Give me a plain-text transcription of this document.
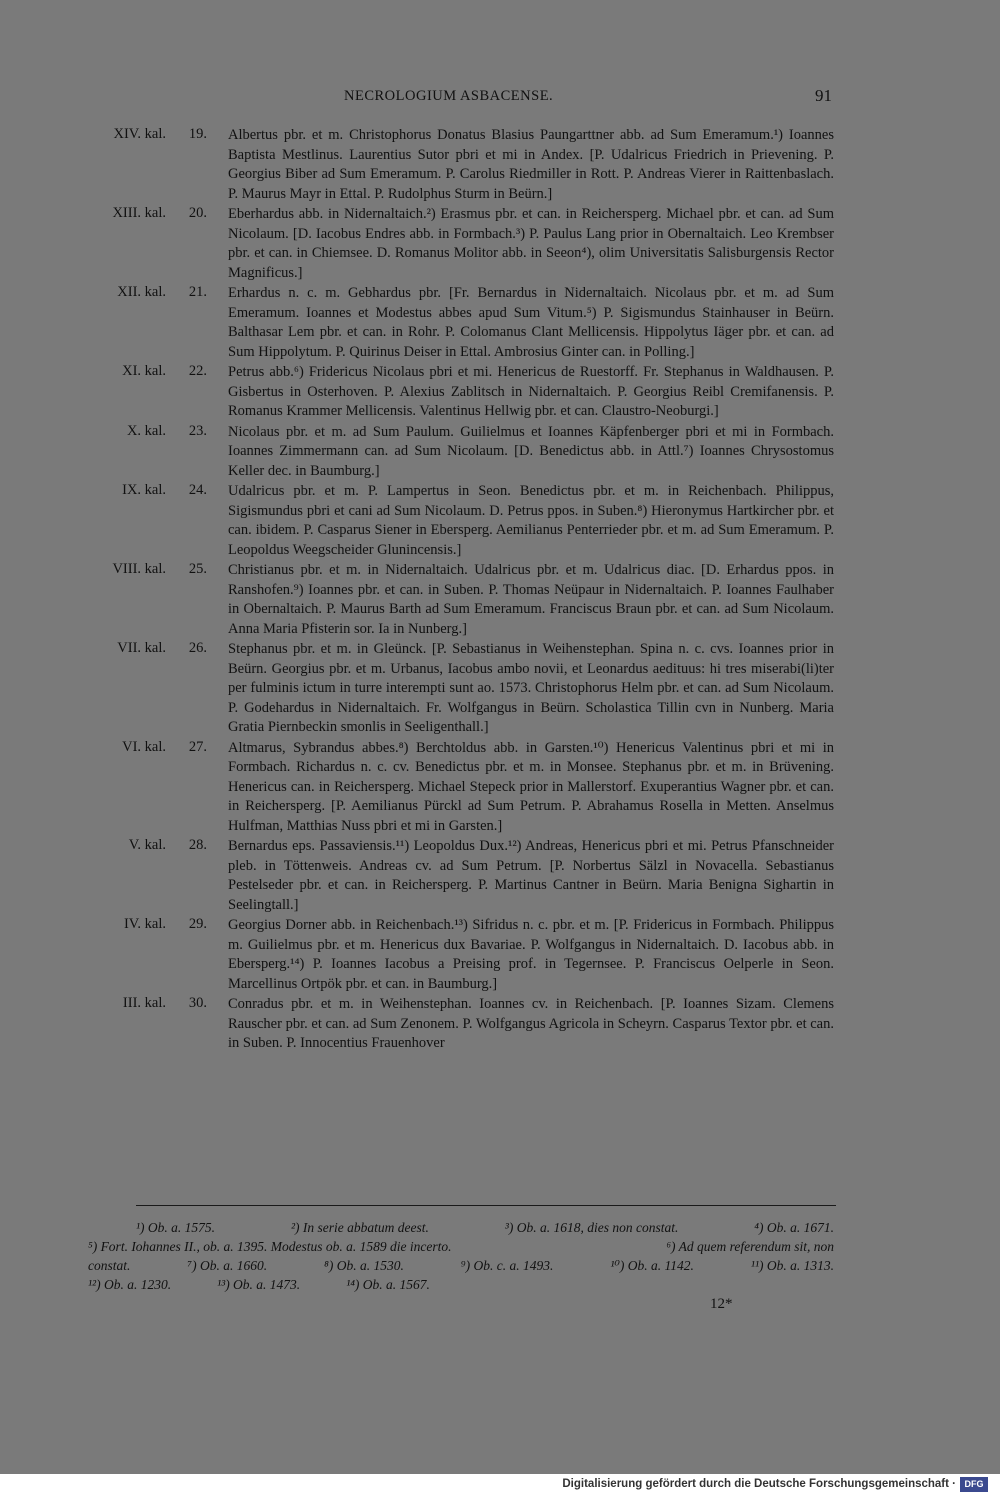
NECROLOGIUM ASBACENSE.	91
XIV. kal.	19. Albertus pbr. et m. Christophorus Donatus Blasius Paungarttner abb. ad Sum Emeramum.¹) Ioannes Baptista Mestlinus. Laurentius Sutor pbri et mi in Andex. [P. Udalricus Friedrich in Prievening. P. Georgius Biber ad Sum Emeramum. P. Carolus Riedmiller in Rott. P. Andreas Vierer in Raittenbaslach. P. Maurus Mayr in Ettal. P. Rudolphus Sturm in Beürn.]
XIII. kal.	20. Eberhardus abb. in Nidernaltaich.²) Erasmus pbr. et can. in Reichersperg. Michael pbr. et can. ad Sum Nicolaum. [D. Iacobus Endres abb. in Formbach.³) P. Paulus Lang prior in Obernaltaich. Leo Krembser pbr. et can. in Chiemsee. D. Romanus Molitor abb. in Seeon⁴), olim Universitatis Salisburgensis Rector Magnificus.]
XII. kal.	21. Erhardus n. c. m. Gebhardus pbr. [Fr. Bernardus in Nidernaltaich. Nicolaus pbr. et m. ad Sum Emeramum. Ioannes et Modestus abbes apud Sum Vitum.⁵) P. Sigismundus Stainhauser in Beürn. Balthasar Lem pbr. et can. in Rohr. P. Colomanus Clant Mellicensis. Hippolytus Iäger pbr. et can. ad Sum Hippolytum. P. Quirinus Deiser in Ettal. Ambrosius Ginter can. in Polling.]
XI. kal.	22. Petrus abb.⁶) Fridericus Nicolaus pbri et mi. Henericus de Ruestorff. Fr. Stephanus in Waldhausen. P. Gisbertus in Osterhoven. P. Alexius Zablitsch in Nidernaltaich. P. Georgius Reibl Cremifanensis. P. Romanus Krammer Mellicensis. Valentinus Hellwig pbr. et can. Claustro-Neoburgi.]
X. kal.	23. Nicolaus pbr. et m. ad Sum Paulum. Guilielmus et Ioannes Käpfenberger pbri et mi in Formbach. Ioannes Zimmermann can. ad Sum Nicolaum. [D. Benedictus abb. in Attl.⁷) Ioannes Chrysostomus Keller dec. in Baumburg.]
IX. kal.	24. Udalricus pbr. et m. P. Lampertus in Seon. Benedictus pbr. et m. in Reichenbach. Philippus, Sigismundus pbri et cani ad Sum Nicolaum. D. Petrus ppos. in Suben.⁸) Hieronymus Hartkircher pbr. et can. ibidem. P. Casparus Siener in Ebersperg. Aemilianus Penterrieder pbr. et m. ad Sum Emeramum. P. Leopoldus Weegscheider Glunincensis.]
VIII. kal.	25. Christianus pbr. et m. in Nidernaltaich. Udalricus pbr. et m. Udalricus diac. [D. Erhardus ppos. in Ranshofen.⁹) Ioannes pbr. et can. in Suben. P. Thomas Neüpaur in Nidernaltaich. P. Ioannes Faulhaber in Obernaltaich. P. Maurus Barth ad Sum Emeramum. Franciscus Braun pbr. et can. ad Sum Nicolaum. Anna Maria Pfisterin sor. Ia in Nunberg.]
VII. kal.	26. Stephanus pbr. et m. in Gleünck. [P. Sebastianus in Weihenstephan. Spina n. c. cvs. Ioannes prior in Beürn. Georgius pbr. et m. Urbanus, Iacobus ambo novii, et Leonardus aedituus: hi tres miserabi(li)ter per fulminis ictum in turre interempti sunt ao. 1573. Christophorus Helm pbr. et can. ad Sum Nicolaum. P. Godehardus in Nidernaltaich. Fr. Wolfgangus in Beürn. Scholastica Tillin cvn in Nunberg. Maria Gratia Piernbeckin smonlis in Seeligenthall.]
VI. kal.	27. Altmarus, Sybrandus abbes.⁸) Berchtoldus abb. in Garsten.¹⁰) Henericus Valentinus pbri et mi in Formbach. Richardus n. c. cv. Benedictus pbr. et m. in Monsee. Stephanus pbr. et m. in Brüvening. Henericus can. in Reichersperg. Michael Stepeck prior in Mallerstorf. Exuperantius Wagner pbr. et can. in Reichersperg. [P. Aemilianus Pürckl ad Sum Petrum. P. Abrahamus Rosella in Metten. Anselmus Hulfman, Matthias Nuss pbri et mi in Garsten.]
V. kal.	28. Bernardus eps. Passaviensis.¹¹) Leopoldus Dux.¹²) Andreas, Henericus pbri et mi. Petrus Pfanschneider pleb. in Töttenweis. Andreas cv. ad Sum Petrum. [P. Norbertus Sälzl in Novacella. Sebastianus Pestelseder pbr. et can. in Reichersperg. P. Martinus Cantner in Beürn. Maria Benigna Sighartin in Seelingtall.]
IV. kal.	29. Georgius Dorner abb. in Reichenbach.¹³) Sifridus n. c. pbr. et m. [P. Fridericus in Formbach. Philippus m. Guilielmus pbr. et m. Henericus dux Bavariae. P. Wolfgangus in Nidernaltaich. D. Iacobus abb. in Ebersperg.¹⁴) P. Ioannes Iacobus a Preising prof. in Tegernsee. P. Franciscus Oelperle in Seon. Marcellinus Ortpök pbr. et can. in Baumburg.]
III. kal.	30. Conradus pbr. et m. in Weihenstephan. Ioannes cv. in Reichenbach. [P. Ioannes Sizam. Clemens Rauscher pbr. et can. ad Sum Zenonem. P. Wolfgangus Agricola in Scheyrn. Casparus Textor pbr. et can. in Suben. P. Innocentius Frauenhover
¹) Ob. a. 1575.	²) In serie abbatum deest.	³) Ob. a. 1618, dies non constat.	⁴) Ob. a. 1671.
⁵) Fort. Iohannes II., ob. a. 1395. Modestus ob. a. 1589 die incerto.	⁶) Ad quem referendum sit, non
constat.	⁷) Ob. a. 1660.	⁸) Ob. a. 1530.	⁹) Ob. c. a. 1493.	¹⁰) Ob. a. 1142.	¹¹) Ob. a. 1313.
¹²) Ob. a. 1230.	¹³) Ob. a. 1473.	¹⁴) Ob. a. 1567.
12*
Digitalisierung gefördert durch die Deutsche Forschungsgemeinschaft · DFG
